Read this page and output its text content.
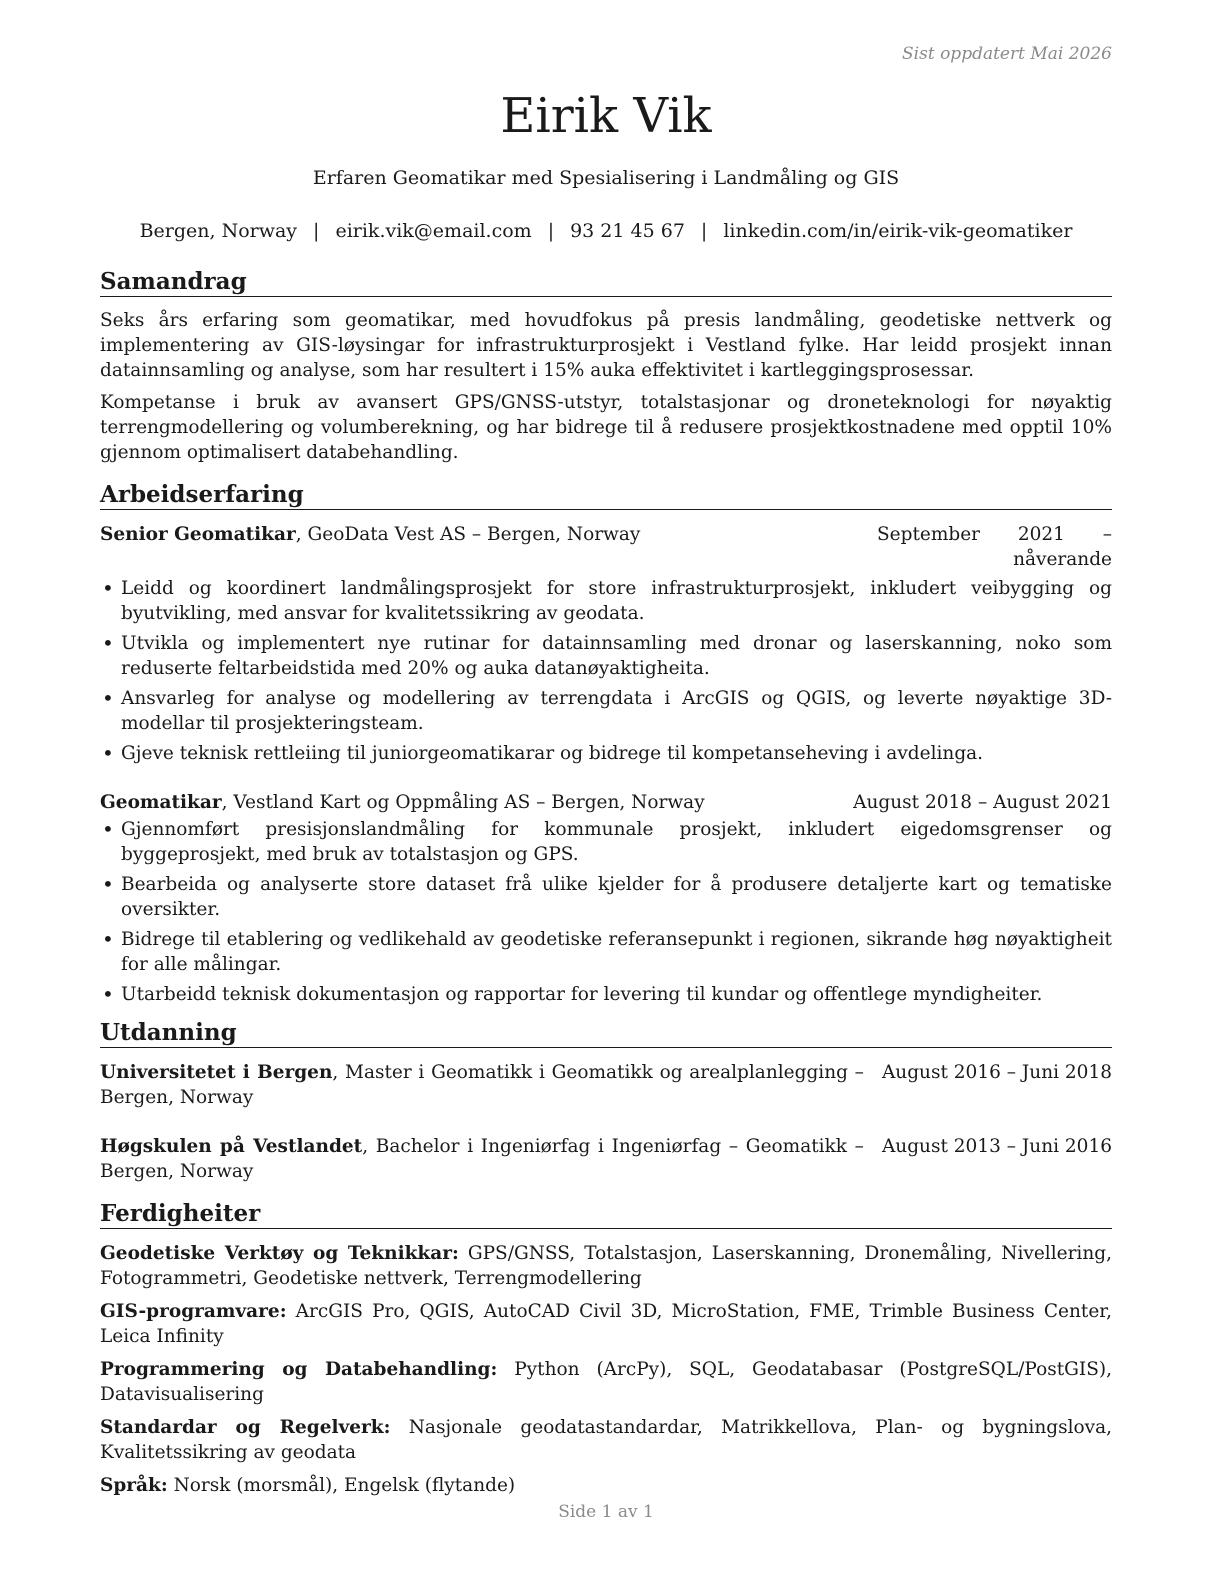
Sist oppdatert Mai 2026
Eirik Vik
Erfaren Geomatikar med Spesialisering i Landmåling og GIS
Bergen, Norway | eirik.vik@email.com | 93 21 45 67 | linkedin.com/in/eirik-vik-geomatiker
Samandrag

Seks års erfaring som geomatikar, med hovudfokus på presis landmåling, geodetiske nettverk og implementering av GIS-løysingar for infrastrukturprosjekt i Vestland fylke. Har leidd prosjekt innan datainnsamling og analyse, som har resultert i 15% auka effektivitet i kartleggingsprosessar.

Kompetanse i bruk av avansert GPS/GNSS-utstyr, totalstasjonar og droneteknologi for nøyaktig terrengmodellering og volumberekning, og har bidrege til å redusere prosjektkostnadene med opptil 10% gjennom optimalisert databehandling.

Arbeidserfaring
Senior Geomatikar, GeoData Vest AS – Bergen, Norway	September 2021 – nåverande
• Leidd og koordinert landmålingsprosjekt for store infrastrukturprosjekt, inkludert veibygging og byutvikling, med ansvar for kvalitetssikring av geodata.
• Utvikla og implementert nye rutinar for datainnsamling med dronar og laserskanning, noko som reduserte feltarbeidstida med 20% og auka datanøyaktigheita.
• Ansvarleg for analyse og modellering av terrengdata i ArcGIS og QGIS, og leverte nøyaktige 3D-modellar til prosjekteringsteam.
• Gjeve teknisk rettleiing til juniorgeomatikarar og bidrege til kompetanseheving i avdelinga.
Geomatikar, Vestland Kart og Oppmåling AS – Bergen, Norway	August 2018 – August 2021
• Gjennomført presisjonslandmåling for kommunale prosjekt, inkludert eigedomsgrenser og byggeprosjekt, med bruk av totalstasjon og GPS.
• Bearbeida og analyserte store dataset frå ulike kjelder for å produsere detaljerte kart og tematiske oversikter.
• Bidrege til etablering og vedlikehald av geodetiske referansepunkt i regionen, sikrande høg nøyaktigheit for alle målingar.
• Utarbeidd teknisk dokumentasjon og rapportar for levering til kundar og offentlege myndigheiter.
Utdanning
Universitetet i Bergen, Master i Geomatikk i Geomatikk og arealplanlegging – Bergen, Norway
August 2016 – Juni 2018
Høgskulen på Vestlandet, Bachelor i Ingeniørfag i Ingeniørfag – Geomatikk – Bergen, Norway
August 2013 – Juni 2016
Ferdigheiter
Geodetiske Verktøy og Teknikkar: GPS/GNSS, Totalstasjon, Laserskanning, Dronemåling, Nivellering, Fotogrammetri, Geodetiske nettverk, Terrengmodellering
GIS-programvare: ArcGIS Pro, QGIS, AutoCAD Civil 3D, MicroStation, FME, Trimble Business Center, Leica Infinity
Programmering og Databehandling: Python (ArcPy), SQL, Geodatabasar (PostgreSQL/PostGIS), Datavisualisering
Standardar og Regelverk: Nasjonale geodatastandardar, Matrikkellova, Plan- og bygningslova, Kvalitetssikring av geodata
Språk: Norsk (morsmål), Engelsk (flytande)
Side 1 av 1
